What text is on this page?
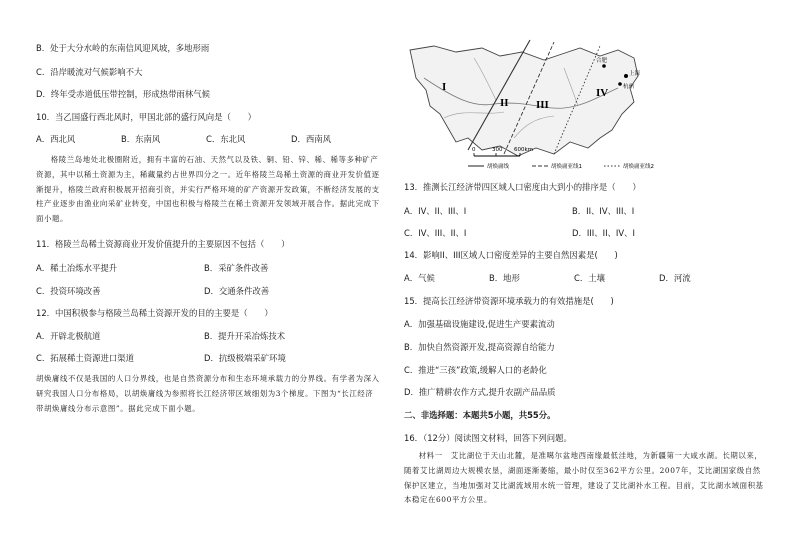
B．处于大分水岭的东南信风迎风坡，多地形雨

C．沿岸暖流对气候影响不大

D．终年受赤道低压带控制，形成热带雨林气候

10．当乙国盛行西北风时，甲国北部的盛行风向是（　　）

A．西北风	B．东南风	C．东北风	D．西南风

格陵兰岛地处北极圈附近，拥有丰富的石油、天然气以及铁、铜、铅、锌、稀、稀等多种矿产资源，其中以稀土资源为主，稀藏量约占世界四分之一。近年格陵兰岛稀土资源的商业开发价值逐渐提升，格陵兰政府积极展开招商引资，并实行严格环境的矿产资源开发政策，不断经济发展的支柱产业逐步由渔业向采矿业转变，中国也积极与格陵兰在稀土资源开发领域开展合作。据此完成下面小题。

11．格陵兰岛稀土资源商业开发价值提升的主要原因不包括（　　）

A．稀土冶炼水平提升	B．采矿条件改善
C．投资环境改善	D．交通条件改善

12．中国积极参与格陵兰岛稀土资源开发的目的主要是（　　）

A．开辟北极航道	B．提升开采冶炼技术
C．拓展稀土资源进口渠道	D．抗级极端采矿环境

胡焕庸线不仅是我国的人口分界线，也是自然资源分布和生态环境承载力的分界线。有学者为深入研究我国人口分布格局，以胡焕庸线为参照将长江经济带区域细划为3个梯度。下图为“长江经济带胡焕庸线分布示意图”。据此完成下面小题。

I
II III
IV
合肥
上海
杭州
0	300 600km
胡焕庸线	胡焕庸亚线1	胡焕庸亚线2

13．推测长江经济带四区域人口密度由大到小的排序是（　　）

A．IV、II、III、I	B．II、IV、III、I
C．IV、III、II、I	D．III、II、IV、I

14．影响II、III区域人口密度差异的主要自然因素是(　　)

A．气候	B．地形	C．土壤	D．河流

15．提高长江经济带资源环境承载力的有效措施是(　　)

A．加强基础设施建设,促进生产要素流动

B．加快自然资源开发,提高资源自给能力

C．推进“三孩”政策,缓解人口的老龄化

D．推广精耕农作方式,提升农副产品品质

二、非选择题：本题共5小题，共55分。

16．（12分）阅读图文材料，回答下列问题。

材料一　艾比湖位于天山北麓，是准噶尔盆地西南缘最低洼地，为新疆第一大咸水湖。长期以来，随着艾比湖周边大规模农垦，湖面逐渐萎缩，最小时仅至362平方公里。2007年，艾比湖国家级自然保护区建立，当地加强对艾比湖流域用水统一管理，建设了艾比湖补水工程。目前，艾比湖水域面积基本稳定在600平方公里。
